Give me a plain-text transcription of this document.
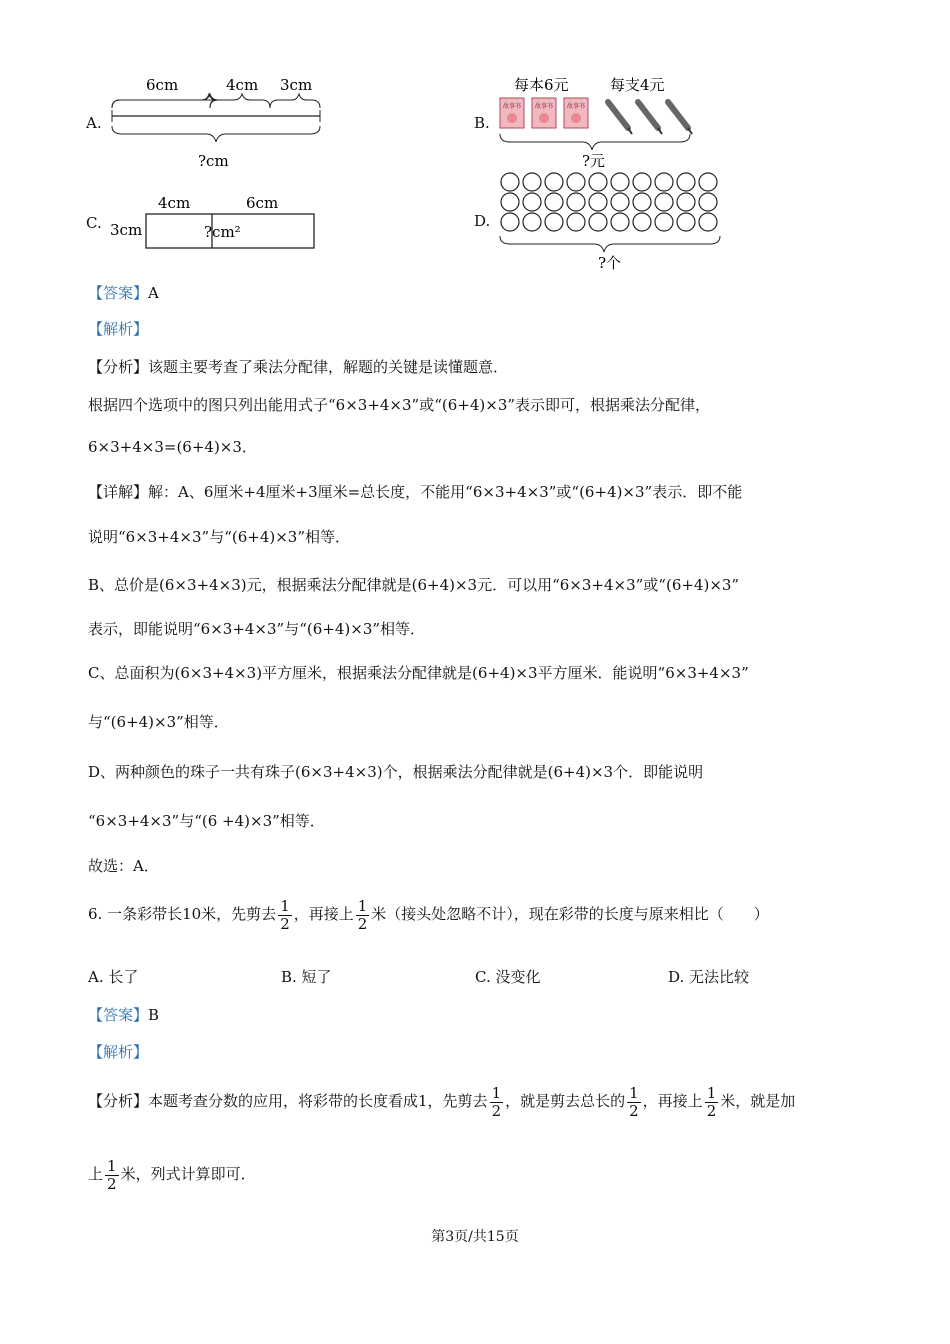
A.
6cm	4cm 3cm
?cm
B.
每本6元	每支4元
故事书 故事书 故事书
?元
C.
4cm	6cm
3cm	?cm²
D.
?个
【答案】A
【解析】
【分析】该题主要考查了乘法分配律，解题的关键是读懂题意．
根据四个选项中的图只列出能用式子“6×3+4×3”或“(6+4)×3”表示即可，根据乘法分配律，
6×3+4×3=(6+4)×3．
【详解】解：A、6厘米+4厘米+3厘米=总长度，不能用“6×3+4×3”或“(6+4)×3”表示．即不能
说明“6×3+4×3”与“(6+4)×3”相等．
B、总价是(6×3+4×3)元，根据乘法分配律就是(6+4)×3元．可以用“6×3+4×3”或“(6+4)×3”
表示，即能说明“6×3+4×3”与“(6+4)×3”相等．
C、总面积为(6×3+4×3)平方厘米，根据乘法分配律就是(6+4)×3平方厘米．能说明“6×3+4×3”
与“(6+4)×3”相等．
D、两种颜色的珠子一共有珠子(6×3+4×3)个，根据乘法分配律就是(6+4)×3个．即能说明
“6×3+4×3”与“(6 +4)×3”相等．
故选：A．
6. 一条彩带长10米，先剪去 $\frac{1}{2}$ ，再接上 $\frac{1}{2}$ 米（接头处忽略不计），现在彩带的长度与原来相比（　　）
A. 长了	B. 短了	C. 没变化	D. 无法比较
【答案】B
【解析】
【分析】本题考查分数的应用，将彩带的长度看成1，先剪去 $\frac{1}{2}$ ，就是剪去总长的 $\frac{1}{2}$ ，再接上 $\frac{1}{2}$ 米，就是加
上 $\frac{1}{2}$ 米，列式计算即可．
第3页/共15页
